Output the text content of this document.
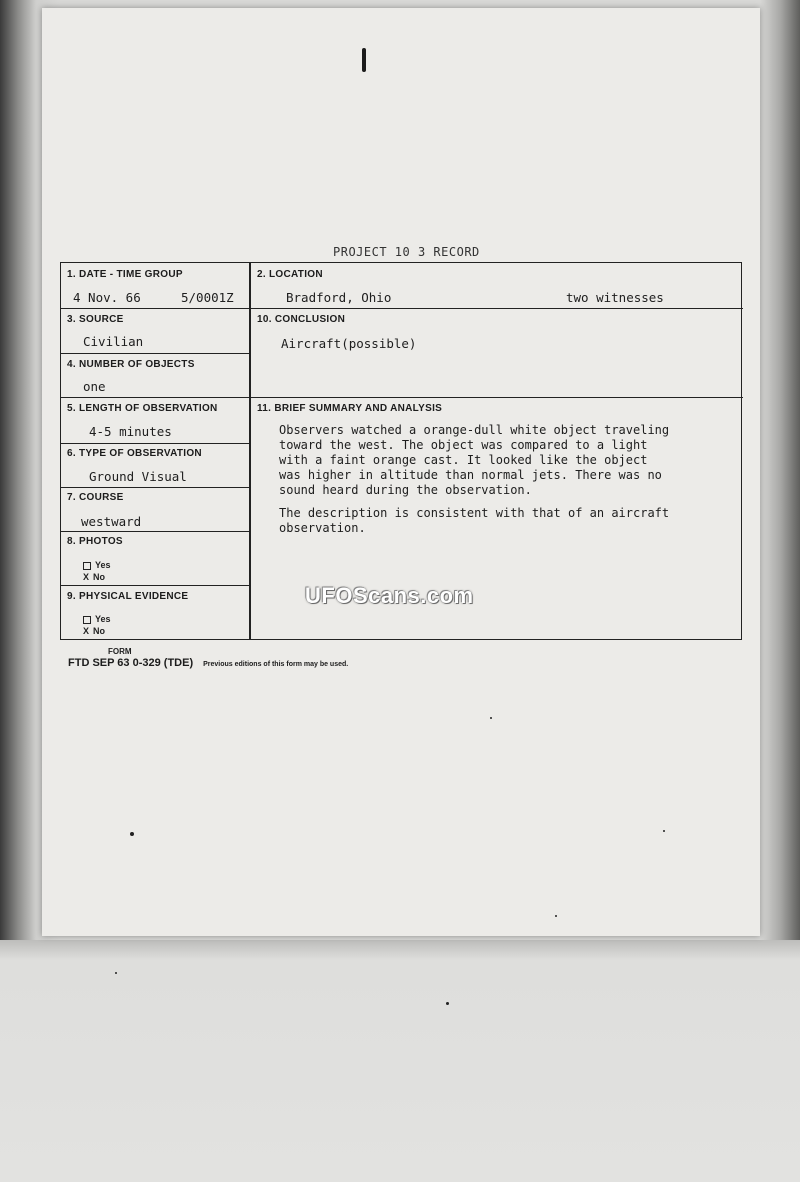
PROJECT 10 3 RECORD
1. DATE - TIME GROUP
4 Nov. 66	5/0001Z
2. LOCATION
Bradford, Ohio	two witnesses
3. SOURCE
Civilian
10. CONCLUSION
Aircraft(possible)
4. NUMBER OF OBJECTS
one
5. LENGTH OF OBSERVATION
4-5 minutes
11. BRIEF SUMMARY AND ANALYSIS
6. TYPE OF OBSERVATION
Ground Visual
7. COURSE
westward
8. PHOTOS
Yes
X No
9. PHYSICAL EVIDENCE
Yes
X No

Observers watched a orange-dull white object traveling
toward the west. The object was compared to a light
with a faint orange cast. It looked like the object
was higher in altitude than normal jets. There was no
sound heard during the observation.

The description is consistent with that of an aircraft
observation.

FORM
FTD SEP 63 0-329 (TDE) Previous editions of this form may be used.
UFOScans.com
